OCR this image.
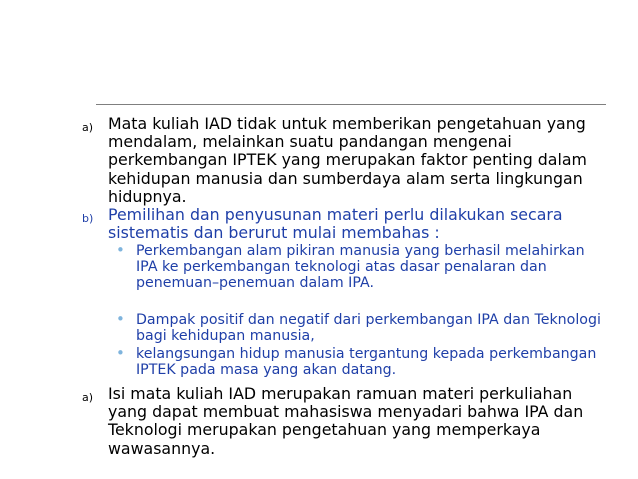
a) Mata kuliah IAD tidak untuk memberikan pengetahuan yang mendalam, melainkan suatu pandangan mengenai perkembangan IPTEK yang merupakan faktor penting dalam kehidupan manusia dan sumberdaya alam serta lingkungan hidupnya.

b) Pemilihan dan penyusunan materi perlu dilakukan secara sistematis dan berurut mulai membahas :

• Perkembangan alam pikiran manusia yang berhasil melahirkan IPA ke perkembangan teknologi atas dasar penalaran dan penemuan–penemuan dalam IPA.

• Dampak positif dan negatif dari perkembangan IPA dan Teknologi bagi kehidupan manusia,

• kelangsungan hidup manusia tergantung kepada perkembangan IPTEK pada masa yang akan datang.

a) Isi mata kuliah IAD merupakan ramuan materi perkuliahan yang dapat membuat mahasiswa menyadari bahwa IPA dan Teknologi merupakan pengetahuan yang memperkaya wawasannya.
